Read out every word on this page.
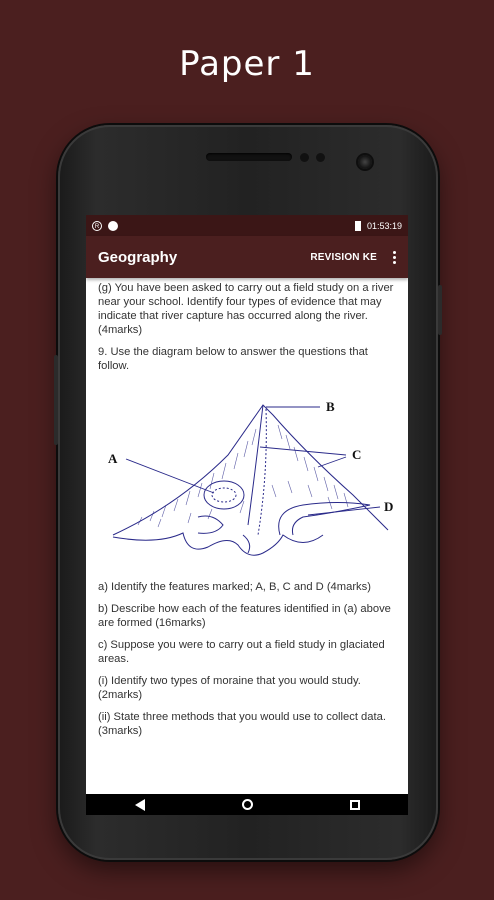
Paper 1
R	01:53:19
Geography	REVISION KE

(g) You have been asked to carry out a field study on a river near your school. Identify four types of evidence that may indicate that river capture has occurred along the river. (4marks)

9. Use the diagram below to answer the questions that follow.

A
B
C
D

a) Identify the features marked; A, B, C and D (4marks)

b) Describe how each of the features identified in (a) above are formed (16marks)

c) Suppose you were to carry out a field study in glaciated areas.

(i) Identify two types of moraine that you would study. (2marks)

(ii) State three methods that you would use to collect data. (3marks)
